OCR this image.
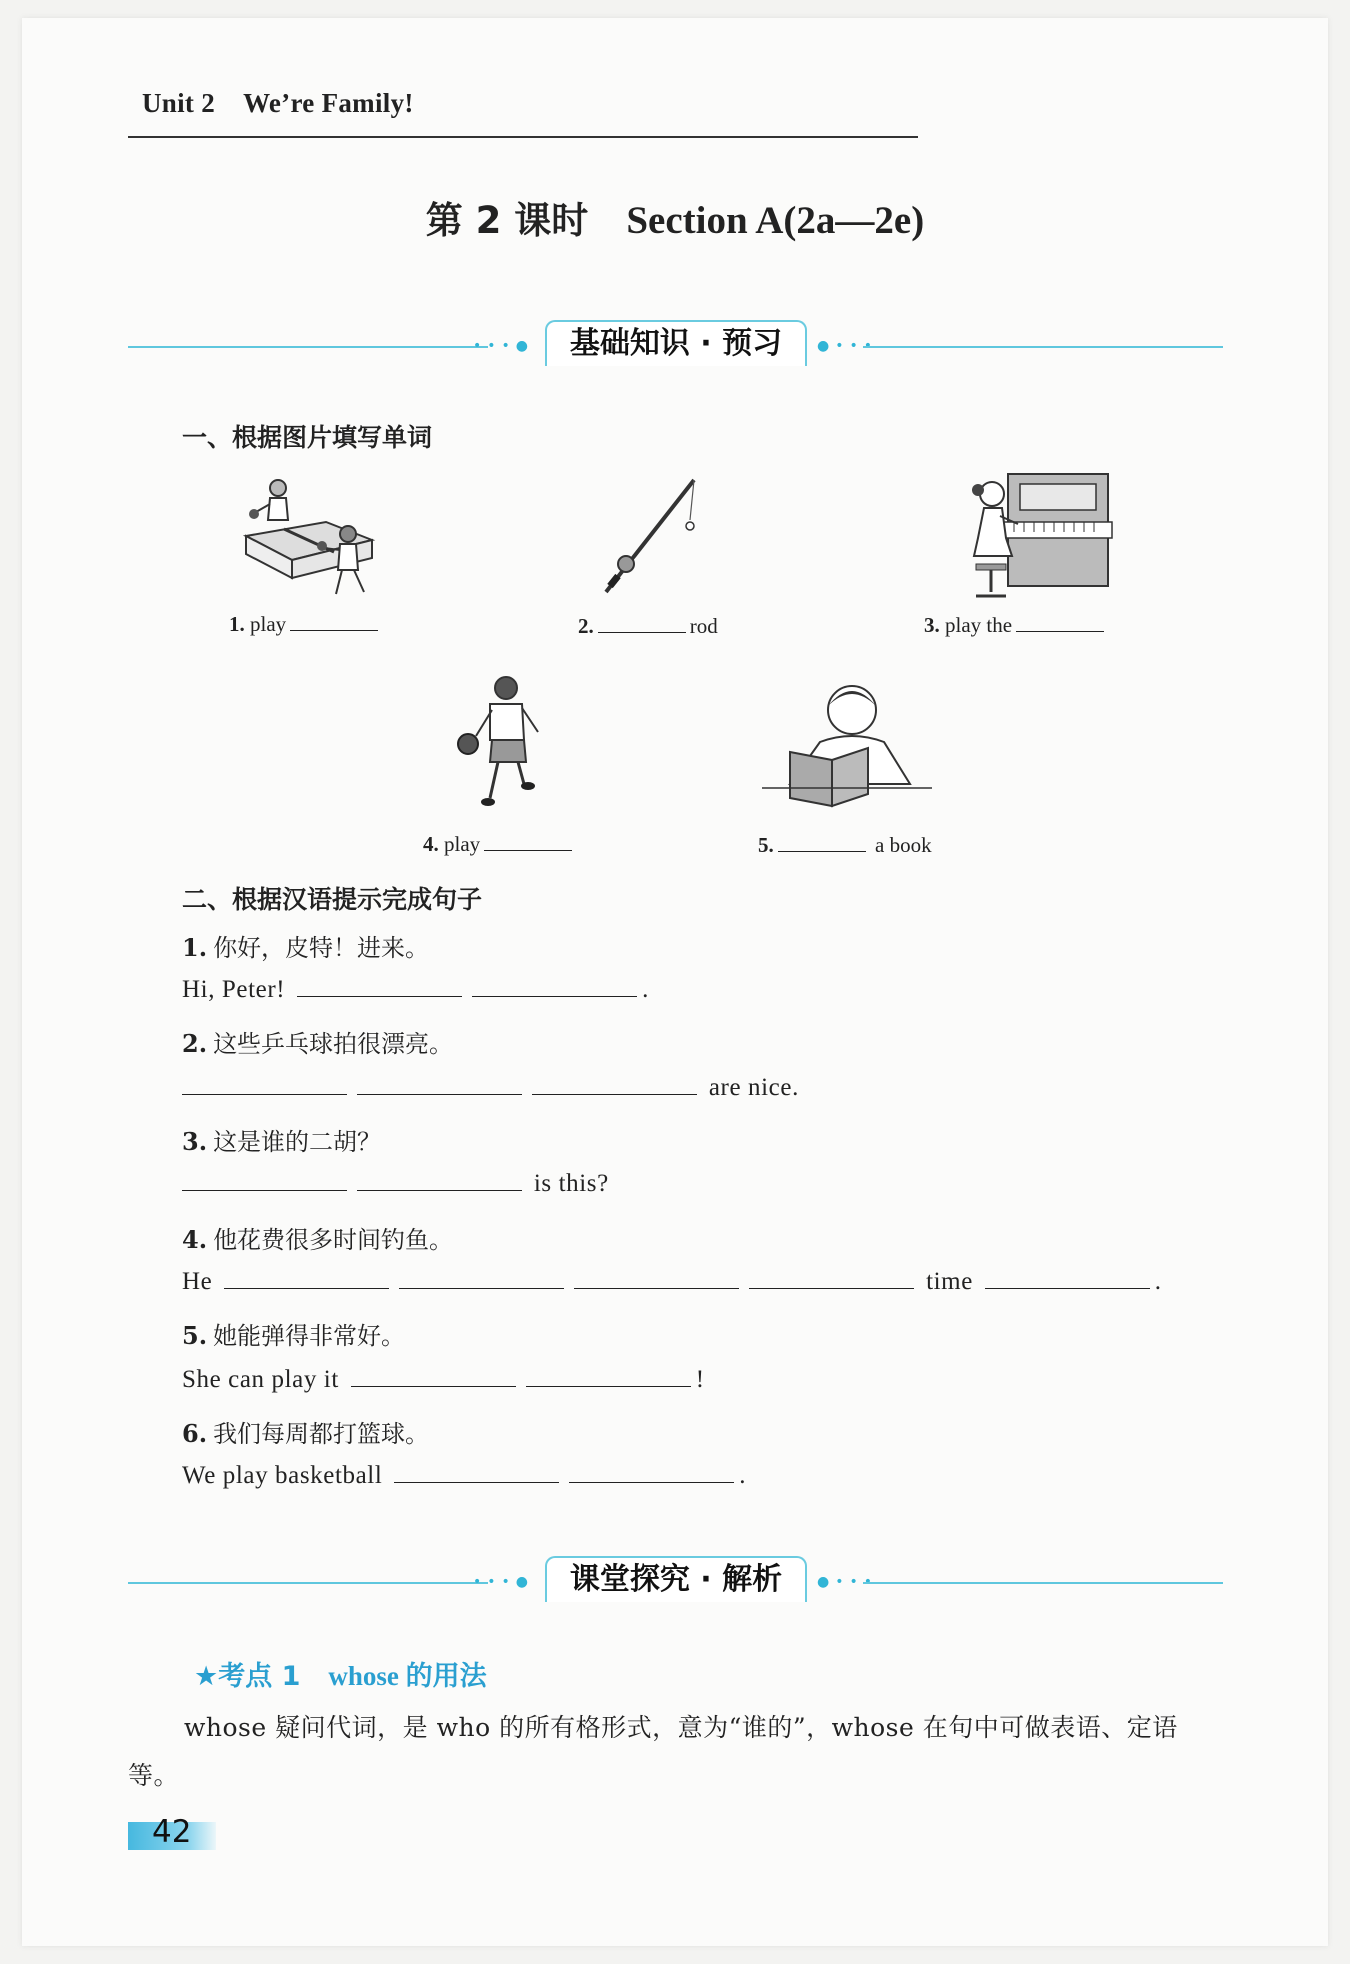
Unit 2 We’re Family!
第 2 课时 Section A(2a—2e)
•••●	基础知识 · 预习	●•••
一、根据图片填写单词
1. play	2.	rod	3. play the
4. play	5.	a book
二、根据汉语提示完成句子
1. 你好，皮特！进来。
Hi, Peter!	.
2. 这些乒乓球拍很漂亮。
are nice.
3. 这是谁的二胡？
is this?
4. 他花费很多时间钓鱼。
He	time	.
5. 她能弹得非常好。
She can play it	!
6. 我们每周都打篮球。
We play basketball	.
•••●	课堂探究 · 解析	●•••
★考点 1 whose 的用法
whose 疑问代词，是 who 的所有格形式，意为“谁的”，whose 在句中可做表语、定语等。
42
